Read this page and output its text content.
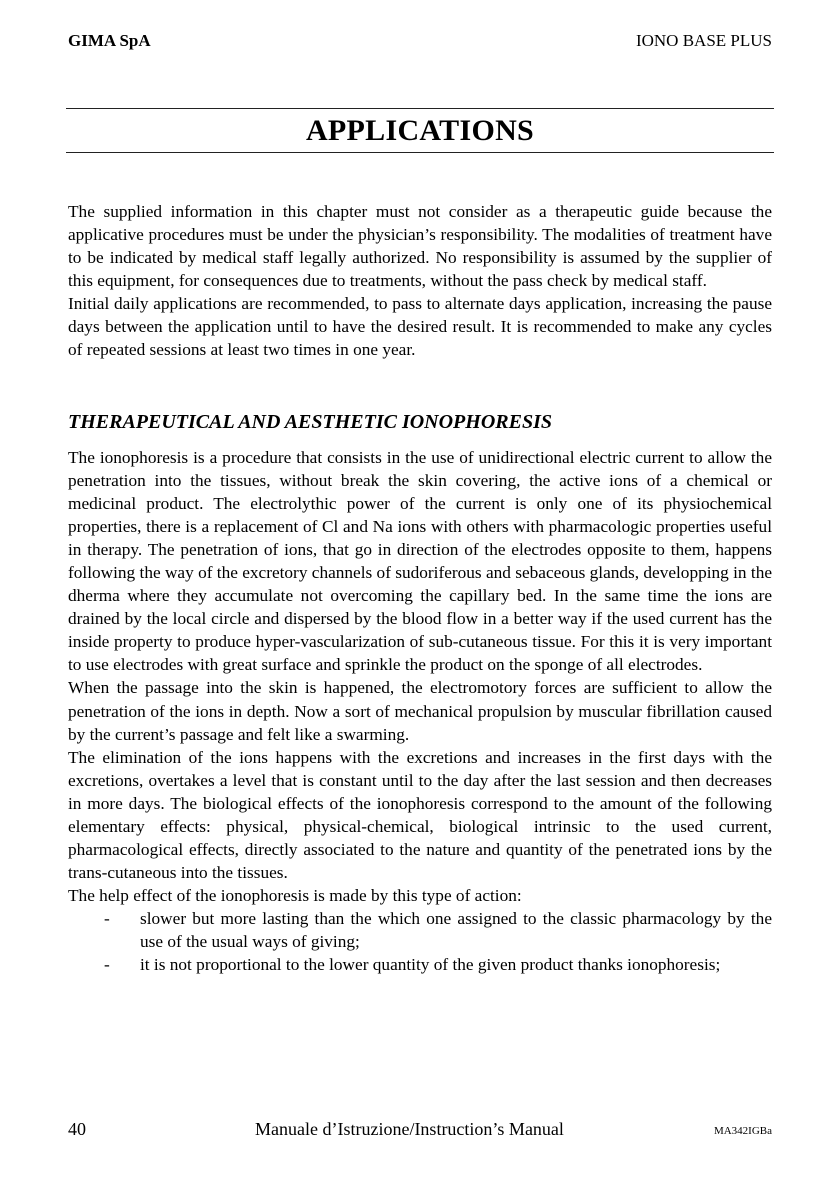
GIMA SpA	IONO BASE PLUS
APPLICATIONS

The supplied information in this chapter must not consider as a therapeutic guide because the applicative procedures must be under the physician’s responsibility. The modalities of treatment have to be indicated by medical staff legally authorized. No responsibility is assumed by the supplier of this equipment, for consequences due to treatments, without the pass check by medical staff.

Initial daily applications are recommended, to pass to alternate days application, increasing the pause days between the application until to have the desired result. It is recommended to make any cycles of repeated sessions at least two times in one year.

THERAPEUTICAL AND AESTHETIC IONOPHORESIS

The ionophoresis is a procedure that consists in the use of unidirectional electric current to allow the penetration into the tissues, without break the skin covering, the active ions of a chemical or medicinal product. The electrolythic power of the current is only one of its physiochemical properties, there is a replacement of Cl and Na ions with others with pharmacologic properties useful in therapy. The penetration of ions, that go in direction of the electrodes opposite to them, happens following the way of the excretory channels of sudoriferous and sebaceous glands, developping in the dherma where they accumulate not overcoming the capillary bed. In the same time the ions are drained by the local circle and dispersed by the blood flow in a better way if the used current has the inside property to produce hyper-vascularization of sub-cutaneous tissue. For this it is very important to use electrodes with great surface and sprinkle the product on the sponge of all electrodes.

When the passage into the skin is happened, the electromotory forces are sufficient to allow the penetration of the ions in depth. Now a sort of mechanical propulsion by muscular fibrillation caused by the current’s passage and felt like a swarming.

The elimination of the ions happens with the excretions and increases in the first days with the excretions, overtakes a level that is constant until to the day after the last session and then decreases in more days. The biological effects of the ionophoresis correspond to the amount of the following elementary effects: physical, physical-chemical, biological intrinsic to the used current, pharmacological effects, directly associated to the nature and quantity of the penetrated ions by the trans-cutaneous into the tissues.

The help effect of the ionophoresis is made by this type of action:

- slower but more lasting than the which one assigned to the classic pharmacology by the use of the usual ways of giving;
- it is not proportional to the lower quantity of the given product thanks ionophoresis;
40	Manuale d’Istruzione/Instruction’s Manual	MA342IGBa
